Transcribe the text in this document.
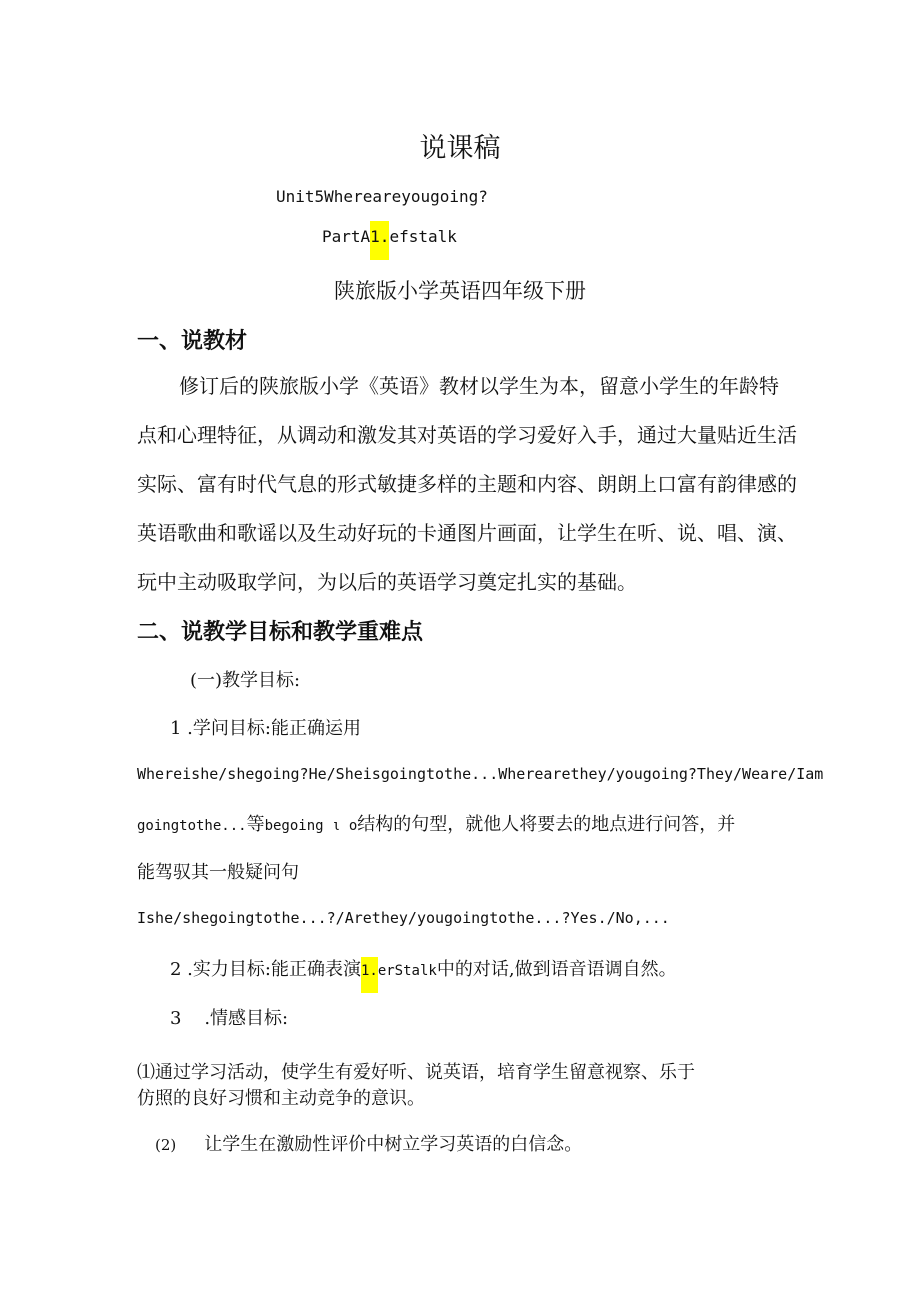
说课稿
Unit5Whereareyougoing?
PartA1.efstalk
陕旅版小学英语四年级下册
一、说教材
修订后的陕旅版小学《英语》教材以学生为本，留意小学生的年龄特点和心理特征，从调动和激发其对英语的学习爱好入手，通过大量贴近生活实际、富有时代气息的形式敏捷多样的主题和内容、朗朗上口富有韵律感的英语歌曲和歌谣以及生动好玩的卡通图片画面，让学生在听、说、唱、演、玩中主动吸取学问，为以后的英语学习奠定扎实的基础。
二、说教学目标和教学重难点
(一)教学目标:
1 .学问目标:能正确运用
Whereishe/shegoing?He/Sheisgoingtothe...Wherearethey/yougoing?They/Weare/Iam
goingtothe...等begoing ι o结构的句型，就他人将要去的地点进行问答，并
能驾驭其一般疑问句
Ishe/shegoingtothe...?/Arethey/yougoingtothe...?Yes./No,...
2 .实力目标:能正确表演1.erStalk中的对话,做到语音语调自然。
3    .情感目标:
⑴通过学习活动，使学生有爱好听、说英语，培育学生留意视察、乐于
仿照的良好习惯和主动竞争的意识。
(2) 让学生在激励性评价中树立学习英语的白信念。
